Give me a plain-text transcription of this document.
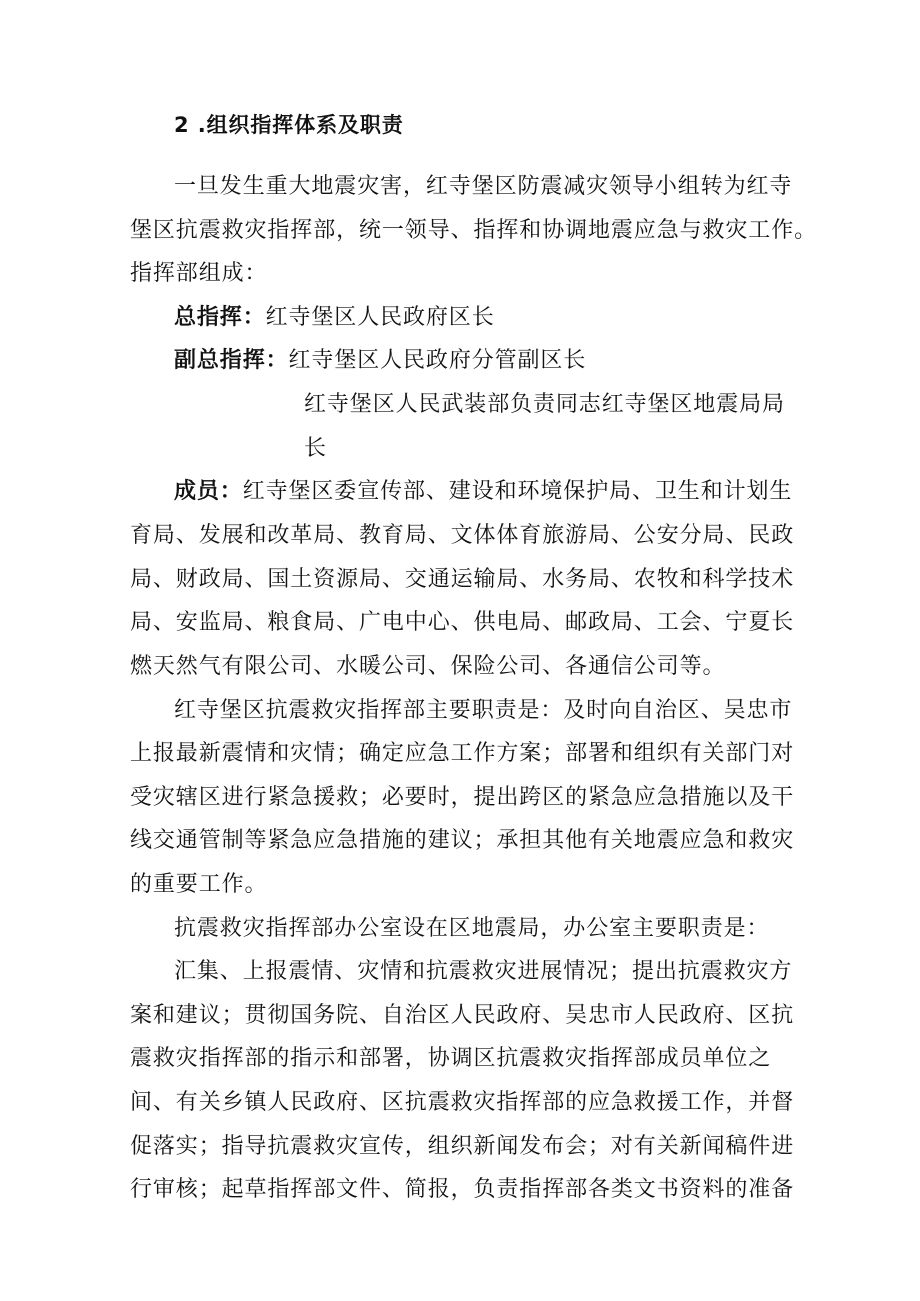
2 .组织指挥体系及职责
一旦发生重大地震灾害，红寺堡区防震减灾领导小组转为红寺
堡区抗震救灾指挥部，统一领导、指挥和协调地震应急与救灾工作。
指挥部组成：
总指挥：红寺堡区人民政府区长
副总指挥：红寺堡区人民政府分管副区长
红寺堡区人民武装部负责同志红寺堡区地震局局
长
成员：红寺堡区委宣传部、建设和环境保护局、卫生和计划生
育局、发展和改革局、教育局、文体体育旅游局、公安分局、民政
局、财政局、国土资源局、交通运输局、水务局、农牧和科学技术
局、安监局、粮食局、广电中心、供电局、邮政局、工会、宁夏长
燃天然气有限公司、水暖公司、保险公司、各通信公司等。
红寺堡区抗震救灾指挥部主要职责是：及时向自治区、吴忠市
上报最新震情和灾情；确定应急工作方案；部署和组织有关部门对
受灾辖区进行紧急援救；必要时，提出跨区的紧急应急措施以及干
线交通管制等紧急应急措施的建议；承担其他有关地震应急和救灾
的重要工作。
抗震救灾指挥部办公室设在区地震局，办公室主要职责是：
汇集、上报震情、灾情和抗震救灾进展情况；提出抗震救灾方
案和建议；贯彻国务院、自治区人民政府、吴忠市人民政府、区抗
震救灾指挥部的指示和部署，协调区抗震救灾指挥部成员单位之
间、有关乡镇人民政府、区抗震救灾指挥部的应急救援工作，并督
促落实；指导抗震救灾宣传，组织新闻发布会；对有关新闻稿件进
行审核；起草指挥部文件、简报，负责指挥部各类文书资料的准备
